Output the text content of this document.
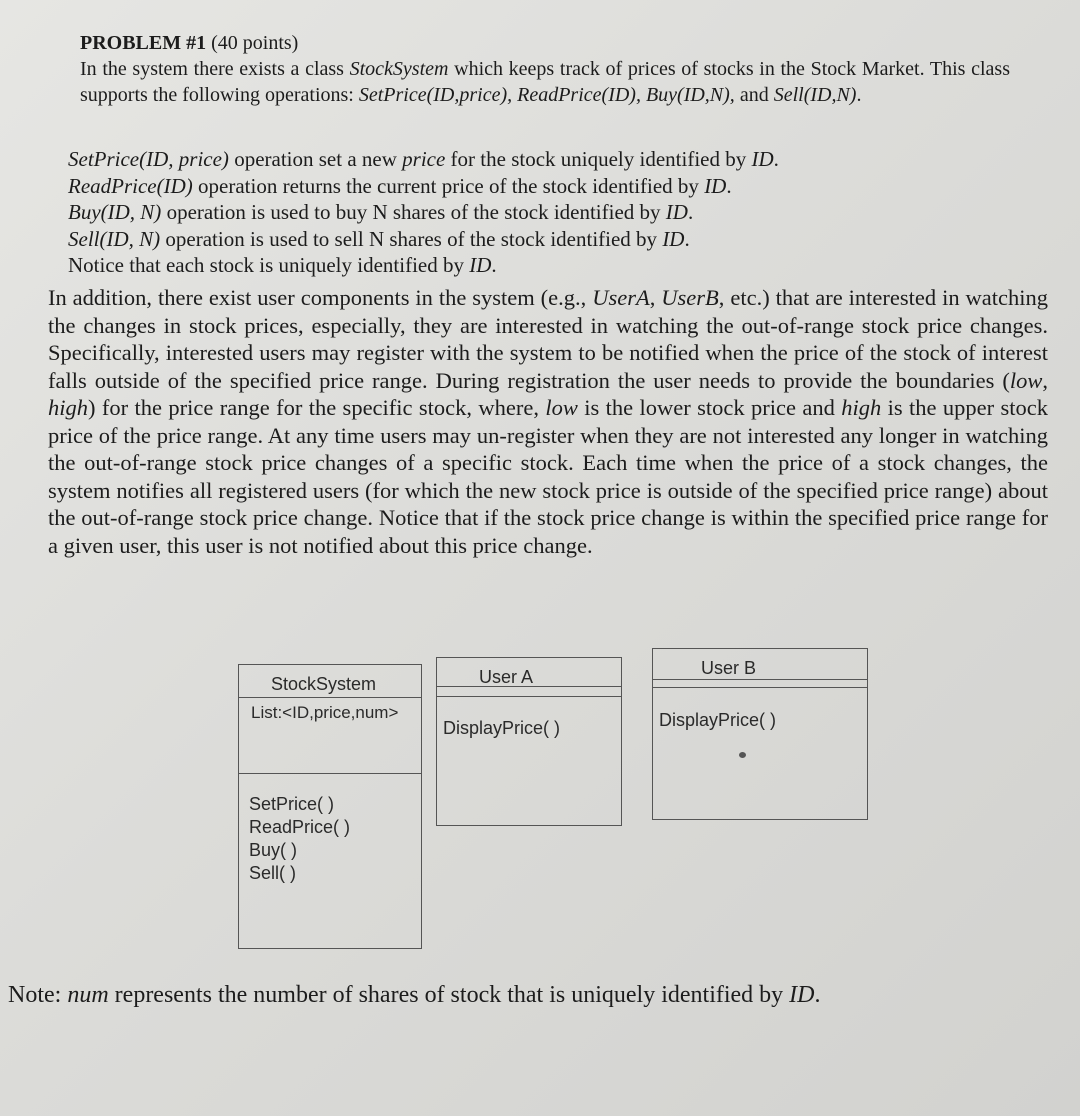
PROBLEM #1 (40 points)

In the system there exists a class StockSystem which keeps track of prices of stocks in the Stock Market. This class supports the following operations: SetPrice(ID,price), ReadPrice(ID), Buy(ID,N), and Sell(ID,N).

SetPrice(ID, price) operation set a new price for the stock uniquely identified by ID.
ReadPrice(ID) operation returns the current price of the stock identified by ID.
Buy(ID, N) operation is used to buy N shares of the stock identified by ID.
Sell(ID, N) operation is used to sell N shares of the stock identified by ID.
Notice that each stock is uniquely identified by ID.

In addition, there exist user components in the system (e.g., UserA, UserB, etc.) that are interested in watching the changes in stock prices, especially, they are interested in watching the out-of-range stock price changes. Specifically, interested users may register with the system to be notified when the price of the stock of interest falls outside of the specified price range. During registration the user needs to provide the boundaries (low, high) for the price range for the specific stock, where, low is the lower stock price and high is the upper stock price of the price range. At any time users may un-register when they are not interested any longer in watching the out-of-range stock price changes of a specific stock. Each time when the price of a stock changes, the system notifies all registered users (for which the new stock price is outside of the specified price range) about the out-of-range stock price change. Notice that if the stock price change is within the specified price range for a given user, this user is not notified about this price change.

StockSystem
List:<ID,price,num>
SetPrice( )
ReadPrice( )
Buy( )
Sell( )
User A
DisplayPrice( )
User B
DisplayPrice( )
Note: num represents the number of shares of stock that is uniquely identified by ID.
